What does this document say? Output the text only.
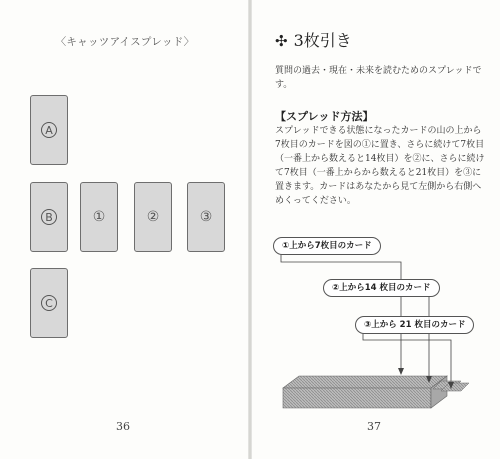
〈キャッツアイスプレッド〉
A
B	①	②	③
C
36
✣ 3枚引き
質問の過去・現在・未来を読むためのスプレッドです。
【スプレッド方法】
スプレッドできる状態になったカードの山の上から7枚目のカードを図の①に置き、さらに続けて7枚目（一番上から数えると14枚目）を②に、さらに続けて7枚目（一番上からから数えると21枚目）を③に置きます。カードはあなたから見て左側から右側へめくってください。
①上から7枚目のカード
②上から14 枚目のカード
③上から 21 枚目のカード
37
